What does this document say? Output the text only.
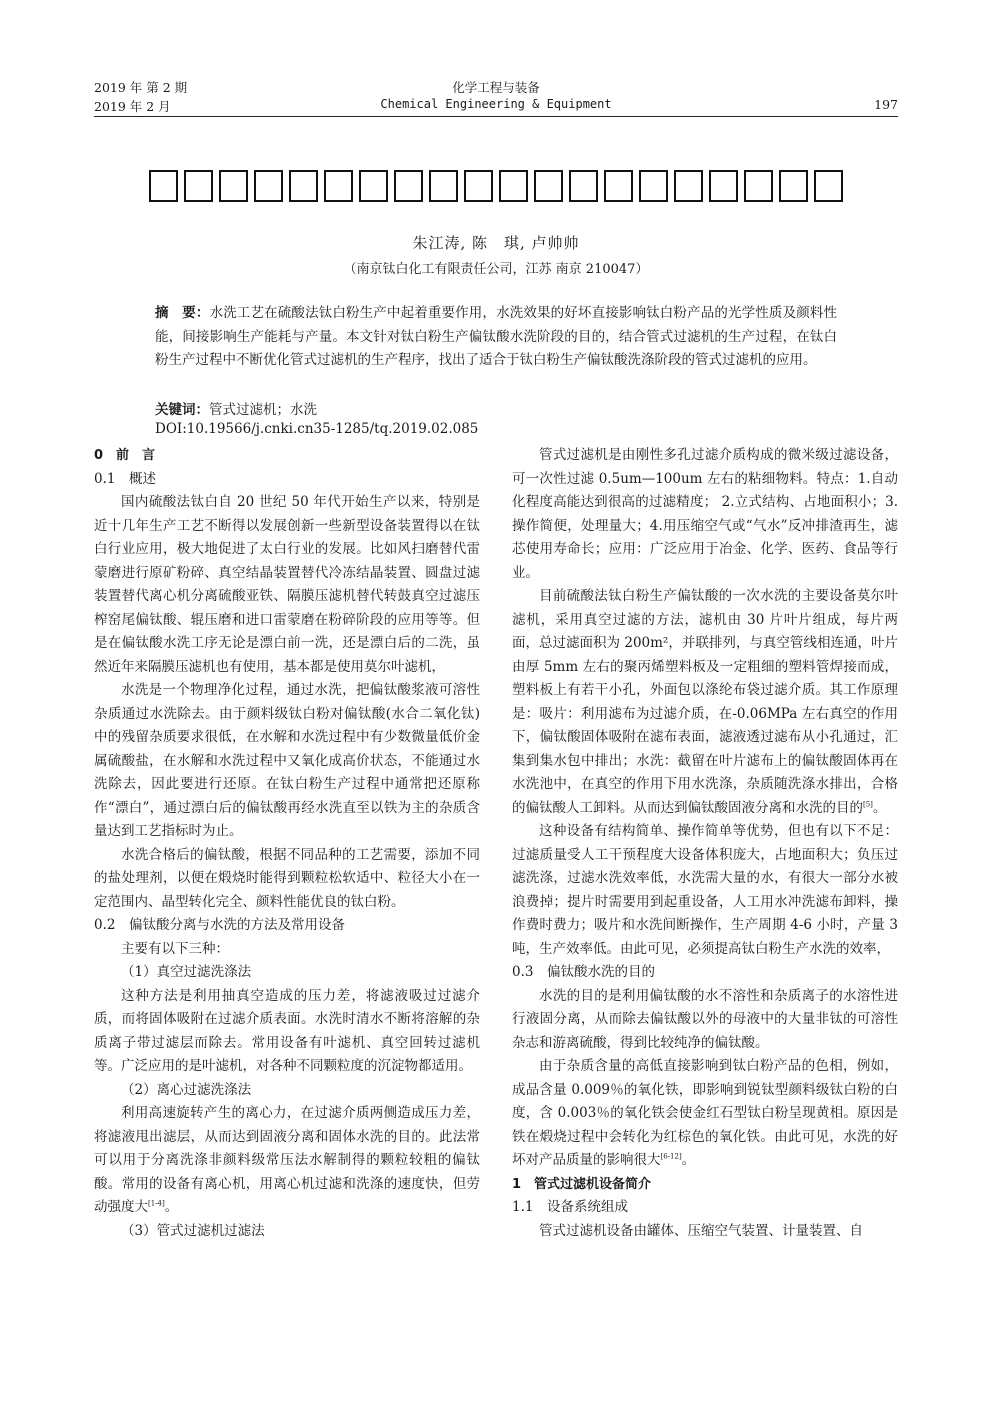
2019 年 第 2 期	化学工程与装备
2019 年 2 月	Chemical Engineering & Equipment	197
朱江涛, 陈　琪, 卢帅帅
（南京钛白化工有限责任公司，江苏 南京 210047）
摘　要：水洗工艺在硫酸法钛白粉生产中起着重要作用，水洗效果的好坏直接影响钛白粉产品的光学性质及颜料性能，间接影响生产能耗与产量。本文针对钛白粉生产偏钛酸水洗阶段的目的，结合管式过滤机的生产过程，在钛白粉生产过程中不断优化管式过滤机的生产程序，找出了适合于钛白粉生产偏钛酸洗涤阶段的管式过滤机的应用。
关键词：管式过滤机；水洗
DOI:10.19566/j.cnki.cn35-1285/tq.2019.02.085

0　前　言

0.1　概述

国内硫酸法钛白自 20 世纪 50 年代开始生产以来，特别是近十几年生产工艺不断得以发展创新一些新型设备装置得以在钛白行业应用，极大地促进了太白行业的发展。比如风扫磨替代雷蒙磨进行原矿粉碎、真空结晶装置替代冷冻结晶装置、圆盘过滤装置替代离心机分离硫酸亚铁、隔膜压滤机替代转鼓真空过滤压榨窑尾偏钛酸、辊压磨和进口雷蒙磨在粉碎阶段的应用等等。但是在偏钛酸水洗工序无论是漂白前一洗，还是漂白后的二洗，虽然近年来隔膜压滤机也有使用，基本都是使用莫尔叶滤机，

水洗是一个物理净化过程，通过水洗，把偏钛酸浆液可溶性杂质通过水洗除去。由于颜料级钛白粉对偏钛酸(水合二氧化钛)中的残留杂质要求很低，在水解和水洗过程中有少数微量低价金属硫酸盐，在水解和水洗过程中又氧化成高价状态，不能通过水洗除去，因此要进行还原。在钛白粉生产过程中通常把还原称作“漂白”，通过漂白后的偏钛酸再经水洗直至以铁为主的杂质含量达到工艺指标时为止。

水洗合格后的偏钛酸，根据不同品种的工艺需要，添加不同的盐处理剂，以便在煅烧时能得到颗粒松软适中、粒径大小在一定范围内、晶型转化完全、颜料性能优良的钛白粉。

0.2　偏钛酸分离与水洗的方法及常用设备

主要有以下三种：

（1）真空过滤洗涤法

这种方法是利用抽真空造成的压力差，将滤液吸过过滤介质，而将固体吸附在过滤介质表面。水洗时清水不断将溶解的杂质离子带过滤层而除去。常用设备有叶滤机、真空回转过滤机等。广泛应用的是叶滤机，对各种不同颗粒度的沉淀物都适用。

（2）离心过滤洗涤法

利用高速旋转产生的离心力，在过滤介质两侧造成压力差，将滤液甩出滤层，从而达到固液分离和固体水洗的目的。此法常可以用于分离洗涤非颜料级常压法水解制得的颗粒较粗的偏钛酸。常用的设备有离心机，用离心机过滤和洗涤的速度快，但劳动强度大[1-4]。

（3）管式过滤机过滤法

管式过滤机是由刚性多孔过滤介质构成的微米级过滤设备，可一次性过滤 0.5um—100um 左右的粘细物料。特点：1.自动化程度高能达到很高的过滤精度； 2.立式结构、占地面积小；3.操作简便，处理量大；4.用压缩空气或“气水”反冲排渣再生，滤芯使用寿命长；应用：广泛应用于冶金、化学、医药、食品等行业。

目前硫酸法钛白粉生产偏钛酸的一次水洗的主要设备莫尔叶滤机，采用真空过滤的方法，滤机由 30 片叶片组成，每片两面，总过滤面积为 200m²，并联排列，与真空管线相连通，叶片由厚 5mm 左右的聚丙烯塑料板及一定粗细的塑料管焊接而成，塑料板上有若干小孔，外面包以涤纶布袋过滤介质。其工作原理是：吸片：利用滤布为过滤介质，在-0.06MPa 左右真空的作用下，偏钛酸固体吸附在滤布表面，滤液透过滤布从小孔通过，汇集到集水包中排出；水洗：截留在叶片滤布上的偏钛酸固体再在水洗池中，在真空的作用下用水洗涤，杂质随洗涤水排出，合格的偏钛酸人工卸料。从而达到偏钛酸固液分离和水洗的目的[5]。

这种设备有结构简单、操作简单等优势，但也有以下不足：过滤质量受人工干预程度大设备体积庞大，占地面积大；负压过滤洗涤，过滤水洗效率低，水洗需大量的水，有很大一部分水被浪费掉；提片时需要用到起重设备，人工用水冲洗滤布卸料，操作费时费力；吸片和水洗间断操作，生产周期 4-6 小时，产量 3 吨，生产效率低。由此可见，必须提高钛白粉生产水洗的效率，

0.3　偏钛酸水洗的目的

水洗的目的是利用偏钛酸的水不溶性和杂质离子的水溶性进行液固分离，从而除去偏钛酸以外的母液中的大量非钛的可溶性杂志和游离硫酸，得到比较纯净的偏钛酸。

由于杂质含量的高低直接影响到钛白粉产品的色相，例如，成品含量 0.009％的氧化铁，即影响到锐钛型颜料级钛白粉的白度，含 0.003％的氧化铁会使金红石型钛白粉呈现黄相。原因是铁在煅烧过程中会转化为红棕色的氧化铁。由此可见，水洗的好坏对产品质量的影响很大[6-12]。

1　管式过滤机设备简介

1.1　设备系统组成

管式过滤机设备由罐体、压缩空气装置、计量装置、自
